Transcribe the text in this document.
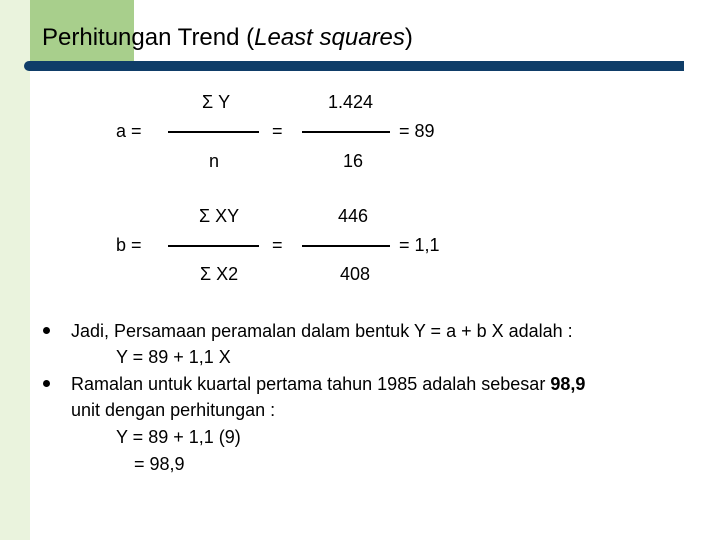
Perhitungan Trend (Least squares)
Σ Y
a =
n
=
1.424
16
= 89
Σ XY
b =
Σ X2
=
446
408
= 1,1
Jadi, Persamaan peramalan dalam bentuk Y = a + b X adalah :
Y = 89 + 1,1 X
Ramalan untuk kuartal pertama tahun 1985 adalah sebesar 98,9
unit dengan perhitungan :
Y = 89 + 1,1 (9)
= 98,9
